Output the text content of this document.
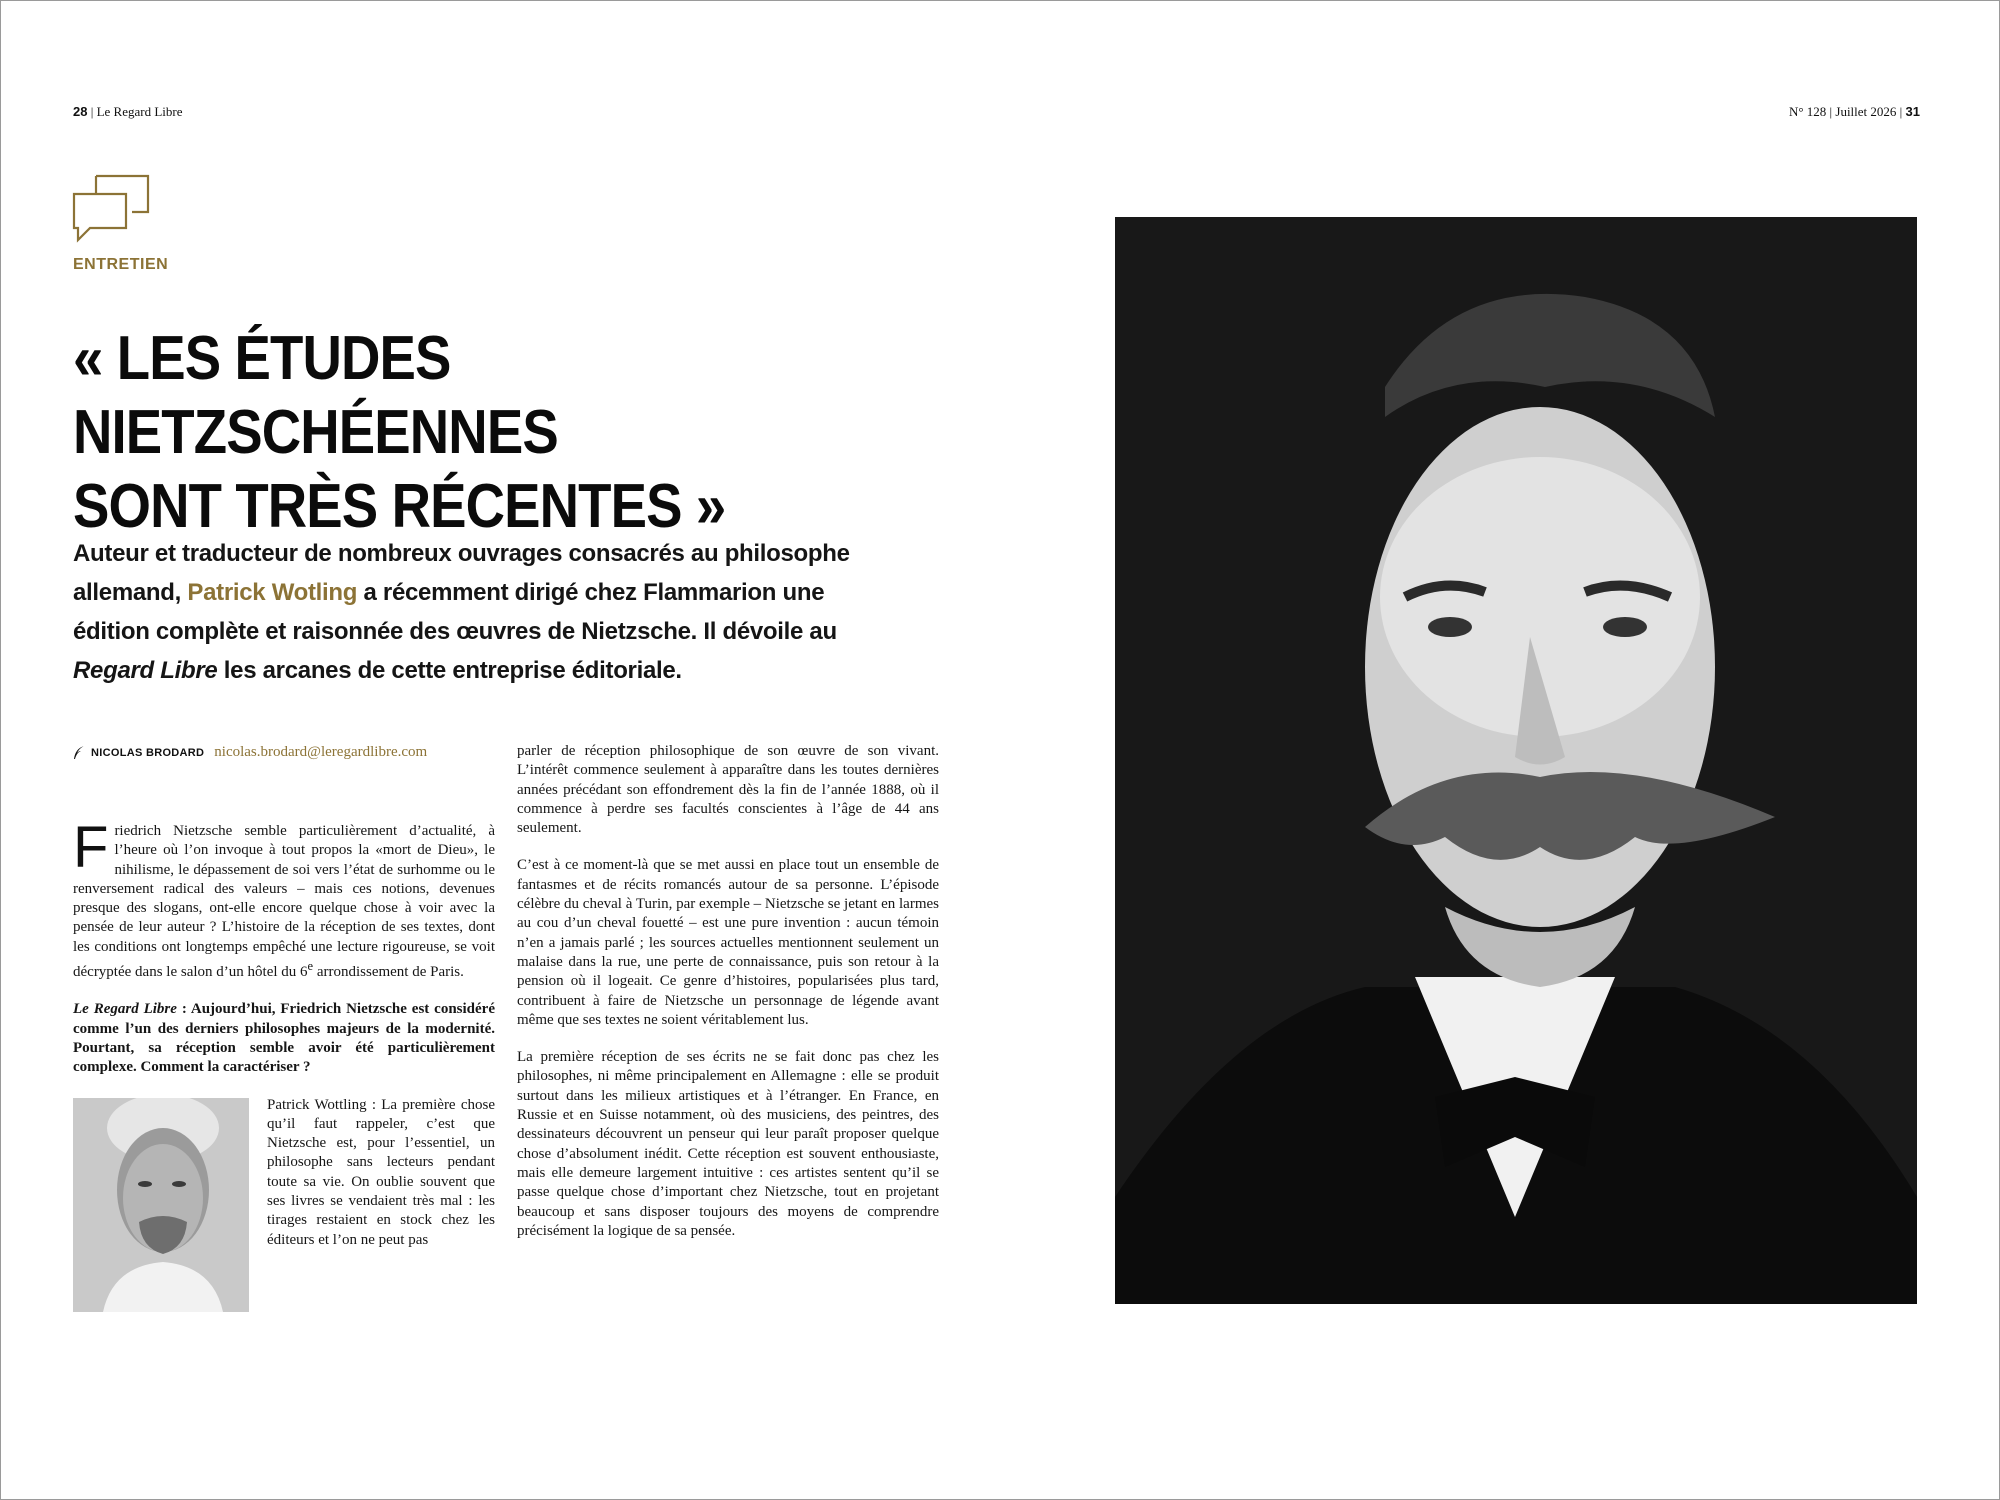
28 | Le Regard Libre	N° 128 | Juillet 2026 | 31
ENTRETIEN
« LES ÉTUDES NIETZSCHÉENNES
SONT TRÈS RÉCENTES »

Auteur et traducteur de nombreux ouvrages consacrés au philosophe allemand, Patrick Wotling a récemment dirigé chez Flammarion une édition complète et raisonnée des œuvres de Nietzsche. Il dévoile au Regard Libre les arcanes de cette entreprise éditoriale.

NICOLAS BRODARD nicolas.brodard@leregardlibre.com

Friedrich Nietzsche semble particulièrement d’actualité, à l’heure où l’on invoque à tout propos la «mort de Dieu», le nihilisme, le dépassement de soi vers l’état de surhomme ou le renversement radical des valeurs – mais ces notions, devenues presque des slogans, ont-elle encore quelque chose à voir avec la pensée de leur auteur ? L’histoire de la réception de ses textes, dont les conditions ont longtemps empêché une lecture rigoureuse, se voit décryptée dans le salon d’un hôtel du 6e arrondissement de Paris.

Le Regard Libre : Aujourd’hui, Friedrich Nietzsche est considéré comme l’un des derniers philosophes majeurs de la modernité. Pourtant, sa réception semble avoir été particulièrement complexe. Comment la caractériser ?

Patrick Wottling : La première chose qu’il faut rappeler, c’est que Nietzsche est, pour l’essentiel, un philosophe sans lecteurs pendant toute sa vie. On oublie souvent que ses livres se vendaient très mal : les tirages restaient en stock chez les éditeurs et l’on ne peut pas

parler de réception philosophique de son œuvre de son vivant. L’intérêt commence seulement à apparaître dans les toutes dernières années précédant son effondrement dès la fin de l’année 1888, où il commence à perdre ses facultés conscientes à l’âge de 44 ans seulement.

C’est à ce moment-là que se met aussi en place tout un ensemble de fantasmes et de récits romancés autour de sa personne. L’épisode célèbre du cheval à Turin, par exemple – Nietzsche se jetant en larmes au cou d’un cheval fouetté – est une pure invention : aucun témoin n’en a jamais parlé ; les sources actuelles mentionnent seulement un malaise dans la rue, une perte de connaissance, puis son retour à la pension où il logeait. Ce genre d’histoires, popularisées plus tard, contribuent à faire de Nietzsche un personnage de légende avant même que ses textes ne soient véritablement lus.

La première réception de ses écrits ne se fait donc pas chez les philosophes, ni même principalement en Allemagne : elle se produit surtout dans les milieux artistiques et à l’étranger. En France, en Russie et en Suisse notamment, où des musiciens, des peintres, des dessinateurs découvrent un penseur qui leur paraît proposer quelque chose d’absolument inédit. Cette réception est souvent enthousiaste, mais elle demeure largement intuitive : ces artistes sentent qu’il se passe quelque chose d’important chez Nietzsche, tout en projetant beaucoup et sans disposer toujours des moyens de comprendre précisément la logique de sa pensée.
